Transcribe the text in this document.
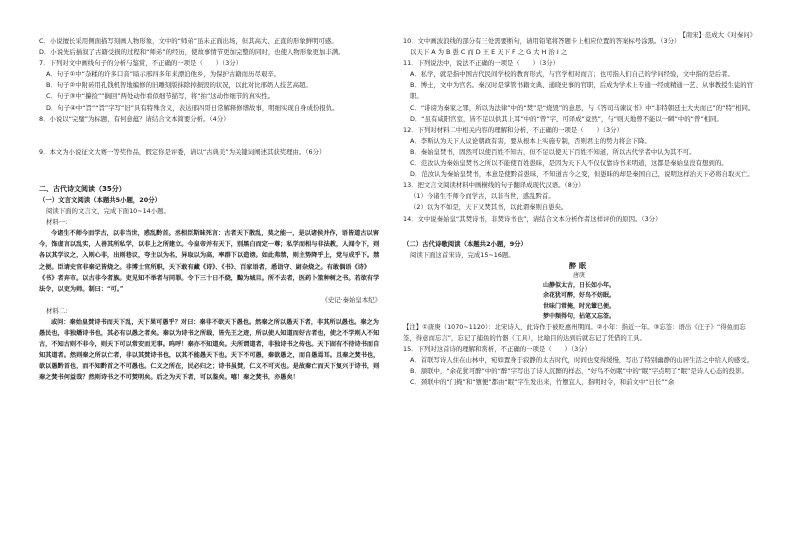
【南宋】范成大《对秦问》

C．小说擅长采用侧面描写刻画人物形象，文中的“师弟”虽未正面出场，但其高大、正直的形象鲜明可感。

D．小说先后插叙了古籍受损的过程和“师弟”的经历，使故事情节更加完整的同时，也使人物形象更加丰满。

7．下列对文中画线句子的分析与鉴赏，不正确的一项是（　　）（3分）

A．句子①中“杂糅的许多口音”暗示邢四多年来漂泊他乡，为保护古籍而历尽艰辛。

B．句子②中附砖用孔钱机智地编修的旧雕刻版抹除掉损毁的状况，以此对比邢奶人技艺高超。

C．句子③中“攥捡”“搁回”两处动作看似细节描写，将“拍”这动作细节的真实性。

D．句子④中“旨”“旨”字写“旧”具有特殊含义，表达邢四哥日常解释修缮故事，明细实现自身成份报仇。

8．小说以“完璧”为标题，有何意蕴？请结合文本简要分析。（4分）

9．本文为小说征文大赛一等奖作品，假定你是评委，请以“古典美”为关键词阐述其获奖理由。（6分）

二、古代诗文阅读（35分）

（一）文言文阅读（本题共5小题，20分）

阅读下面的文言文，完成下面10~14小题。

材料一：

今诸生不师今而学古，以非当世，惑乱黔首。丞相臣斯昧死言：古者天下散乱，莫之能一，是以诸侯并作，语皆道古以害今，饰虚言以乱实，人善其所私学，以非上之所建立。今皇帝并有天下，别黑白而定一尊；私学而相与非法教，人闻令下，则各以其学议之，入则心非，出则巷议，夸主以为名，异取以为高，率群下以造谤。如此弗禁，则主势降乎上，党与成乎下。禁之便。臣请史官非秦记皆烧之。非博士官所职，天下敢有藏《诗》、《书》、百家语者，悉诣守、尉杂烧之。有敢偶语《诗》《书》者弃市。以古非今者族。吏见知不举者与同罪。令下三十日不烧，黥为城旦。所不去者，医药卜筮种树之书。若欲有学法令，以吏为师。制曰：“可。”

《史记·秦始皇本纪》

材料二：

或问：秦始皇焚诗书而天下乱，天下果可愚乎？对曰：秦非不欲天下愚也。然秦之所以愚天下者，非其所以愚也。秦之为愚民也，非独燔诗书也，其必有以愚之者矣。秦以为诗书之所载，皆先王之迹，所以使人知道而好古者也，使之不学则人不知古，不知古则不非今，则天下可以常安而无事。呜呼！秦亦不知道矣。夫所谓道者，非独诗书之传也。天下固有不待诗书而自知其道者。然则秦之所以亡者，非以其焚诗书也，以其不能愚天下也。天下不可愚，秦欲愚之，而自愚焉耳。且秦之焚书也，欲以愚黔首也，而不知黔首之不可愚也。仁义之所在，民必归之；诗书虽焚，仁义不可灭也。是故秦亡而天下复兴于诗书，则秦之焚书何益哉？然则诗书之不可焚明矣。后之为天下者，可以鉴矣。嘻！秦之焚书，亦愚矣！

10．文中画波浪线的部分有三处需要断句，请用铅笔将答题卡上相应位置的答案标号涂黑。（3分）

以天下 A 为 B 愚 C 而 D 王 E 天下 F 之 G 大 H 治 I 之

11．下列说法中，说法不正确的一项是（　　）（3分）

A．私学，就是指中国古代民间学校的教育形式，与官学相对而言；也可指人们自己的学问经验，文中指的是后者。

B．博士，文中为官名。秦汉时是掌管书籍文典、通晓史事的官职，后成为学术上专通一经或精通一艺、从事教授生徒的官职。

C．“诽谤为秦家之罪，所以为法律”中的“焚”是“烧毁”的意思，与《答司马谏议书》中“非特朝廷士大夫而已”的“特”相同。

D．“虽有咸阳宫室，皆不足以供其上耳”中的“曾”字，可译成“竟然”，与“则天地曾不能以一瞬”中的“曾”相同。

12．下列对材料二中相关内容的理解和分析，不正确的一项是（　　）（3分）

A．李斯认为天下人议论朝政有害，要从根本上实施专制，否则君主的势力将会下降。

B．秦始皇焚书，固然可以使百姓不知古，但不足以使天下百姓不知道，所以古代学者中认为其不可。

C．范汝认为秦始皇焚书之所以不能使百姓愚昧，是因为天下人不仅仅靠诗书来明道，这都是秦始皇没有想到的。

D．范汝认为秦始皇焚书，本意是使黔首愚昧，不知道古今之变，但愚昧的却是秦国自己，说明这样治天下必将自取灭亡。

13．把文言文阅读材料中画横线的句子翻译成现代汉语。（8分）

（1）今诸生不师今而学古，以非当世，惑乱黔首。

（2）以为不如是，天下又焚其书，以此谓秦则自愚矣。

14．文中说秦始皇“其焚诗书，非焚诗书也”，请结合文本分析作者这样评价的原因。（3分）

（二）古代诗歌阅读（本题共2小题，9分）

阅读下面这首宋诗，完成15~16题。

醉眠
唐庚
山静似太古，日长如小年。
余花犹可醉，好鸟不妨眠。
世味门常掩，时光簟已便。
梦中频得句，拈笔又忘筌。

【注】①唐庚（1070~1120）：北宋诗人，此诗作于被贬惠州期间。②小年：指近一年。③忘筌：语出《庄子》“得鱼而忘筌，得意而忘言”，忘记了捕鱼的竹器（工具），比喻目的达到后就忘记了凭借的工具。

15．下列对这首诗的理解和赏析，不正确的一项是（　　）（3分）

A．首联写诗人住在山林中，宛如置身于寂静的太古时代，时间也变得缓慢，写出了特别幽静的山居生活之中给人的感受。

B．颔联中，“余花犹可醉”中的“醉”字写出了诗人沉醉的样态，“好鸟不妨眠”中的“眠”字点明了“眠”是诗人心态的投影。

C．颈联中的“门掩”和“簟便”都由“眠”字生发出来，竹簟宜人，指明时令，和前文中“日长”“余
